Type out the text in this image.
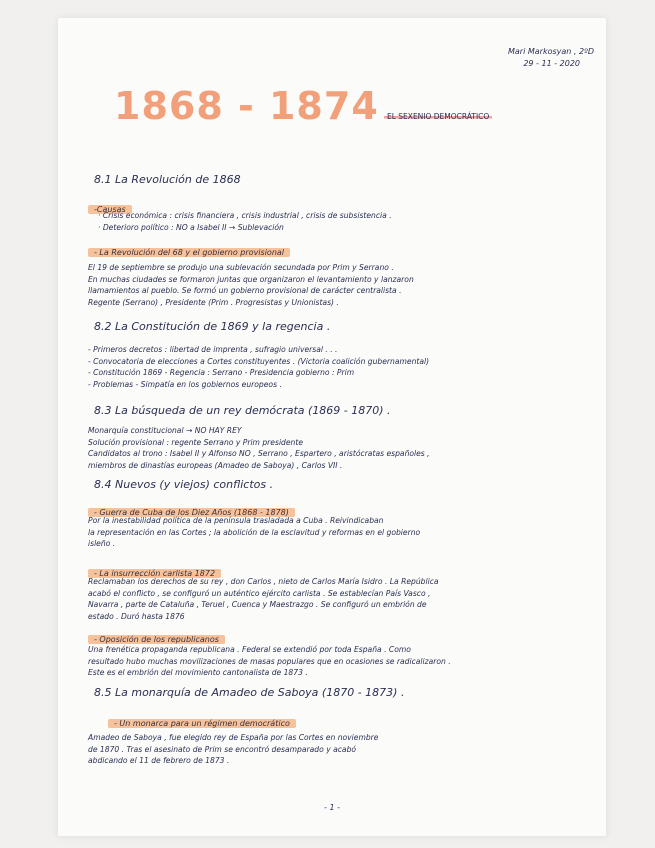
Mari Markosyan , 2ºD
29 - 11 - 2020
1868 - 1874	EL SEXENIO DEMOCRÁTICO
8.1 La Revolución de 1868
-Causas

· Crisis económica : crisis financiera , crisis industrial , crisis de subsistencia .

· Deterioro político : NO a Isabel II → Sublevación

- La Revolución del 68 y el gobierno provisional

El 19 de septiembre se produjo una sublevación secundada por Prim y Serrano .

En muchas ciudades se formaron juntas que organizaron el levantamiento y lanzaron

llamamientos al pueblo. Se formó un gobierno provisional de carácter centralista .

Regente (Serrano) , Presidente (Prim . Progresistas y Unionistas) .

8.2 La Constitución de 1869 y la regencia .

- Primeros decretos : libertad de imprenta , sufragio universal . . .

- Convocatoria de elecciones a Cortes constituyentes . (Victoria coalición gubernamental)

- Constitución 1869 - Regencia : Serrano - Presidencia gobierno : Prim

- Problemas - Simpatía en los gobiernos europeos .

8.3 La búsqueda de un rey demócrata (1869 - 1870) .

Monarquía constitucional → NO HAY REY

Solución provisional : regente Serrano y Prim presidente

Candidatos al trono : Isabel II y Alfonso NO , Serrano , Espartero , aristócratas españoles ,

miembros de dinastías europeas (Amadeo de Saboya) , Carlos VII .

8.4 Nuevos (y viejos) conflictos .
- Guerra de Cuba de los Diez Años (1868 - 1878)

Por la inestabilidad política de la península trasladada a Cuba . Reivindicaban

la representación en las Cortes ; la abolición de la esclavitud y reformas en el gobierno

isleño .

- La insurrección carlista 1872

Reclamaban los derechos de su rey , don Carlos , nieto de Carlos María Isidro . La República

acabó el conflicto , se configuró un auténtico ejército carlista . Se establecían País Vasco ,

Navarra , parte de Cataluña , Teruel , Cuenca y Maestrazgo . Se configuró un embrión de

estado . Duró hasta 1876

- Oposición de los republicanos

Una frenética propaganda republicana . Federal se extendió por toda España . Como

resultado hubo muchas movilizaciones de masas populares que en ocasiones se radicalizaron .

Este es el embrión del movimiento cantonalista de 1873 .

8.5 La monarquía de Amadeo de Saboya (1870 - 1873) .
- Un monarca para un régimen democrático

Amadeo de Saboya , fue elegido rey de España por las Cortes en noviembre

de 1870 . Tras el asesinato de Prim se encontró desamparado y acabó

abdicando el 11 de febrero de 1873 .

- 1 -
